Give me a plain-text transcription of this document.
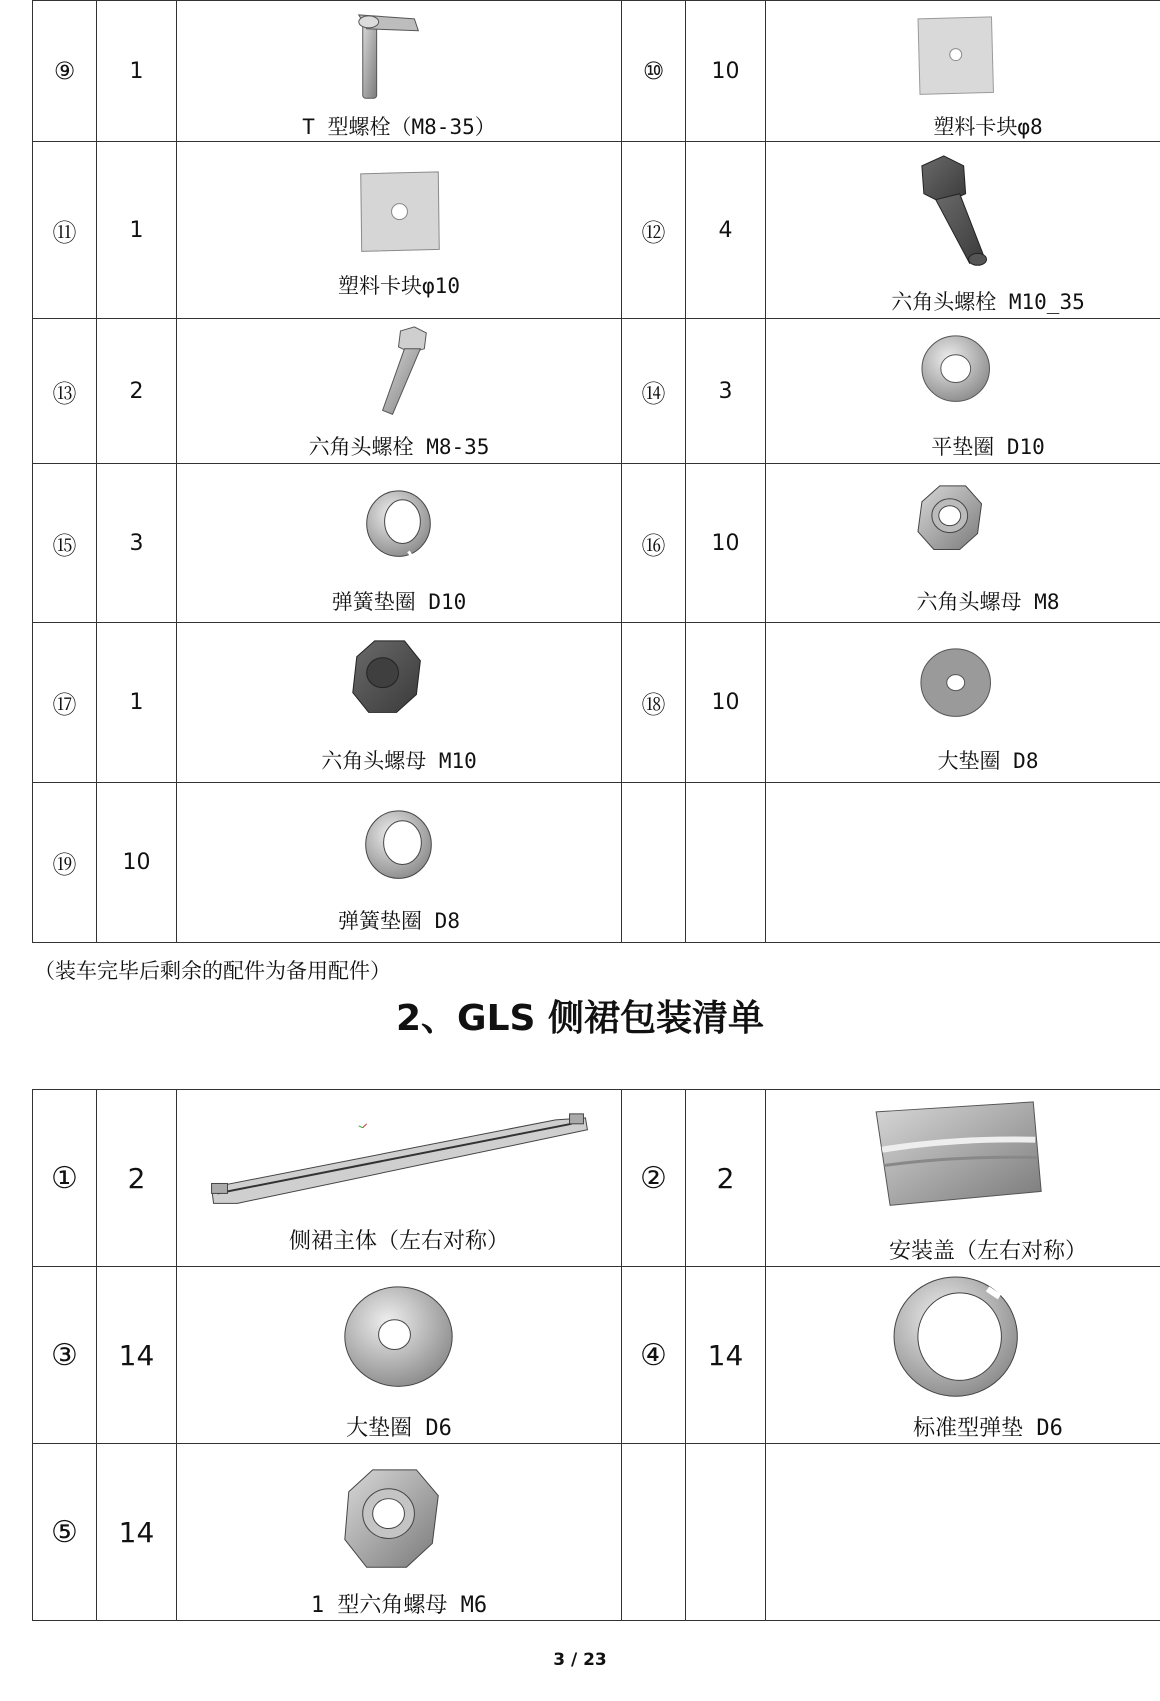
⑨	1	T 型螺栓（M8-35）	⑩	10	塑料卡块φ8

⑪	1	塑料卡块φ10	⑫	4	六角头螺栓 M10_35

⑬	2	六角头螺栓 M8-35	⑭	3	平垫圈 D10

⑮	3	弹簧垫圈 D10	⑯	10	六角头螺母 M8

⑰	1	六角头螺母 M10	⑱	10	大垫圈 D8

⑲	10	弹簧垫圈 D8			

（装车完毕后剩余的配件为备用配件）
2、GLS 侧裙包装清单
①	2	侧裙主体（左右对称）	②	2	安装盖（左右对称）

③	14	大垫圈 D6	④	14	标准型弹垫 D6

⑤	14	1 型六角螺母 M6			

3 / 23
